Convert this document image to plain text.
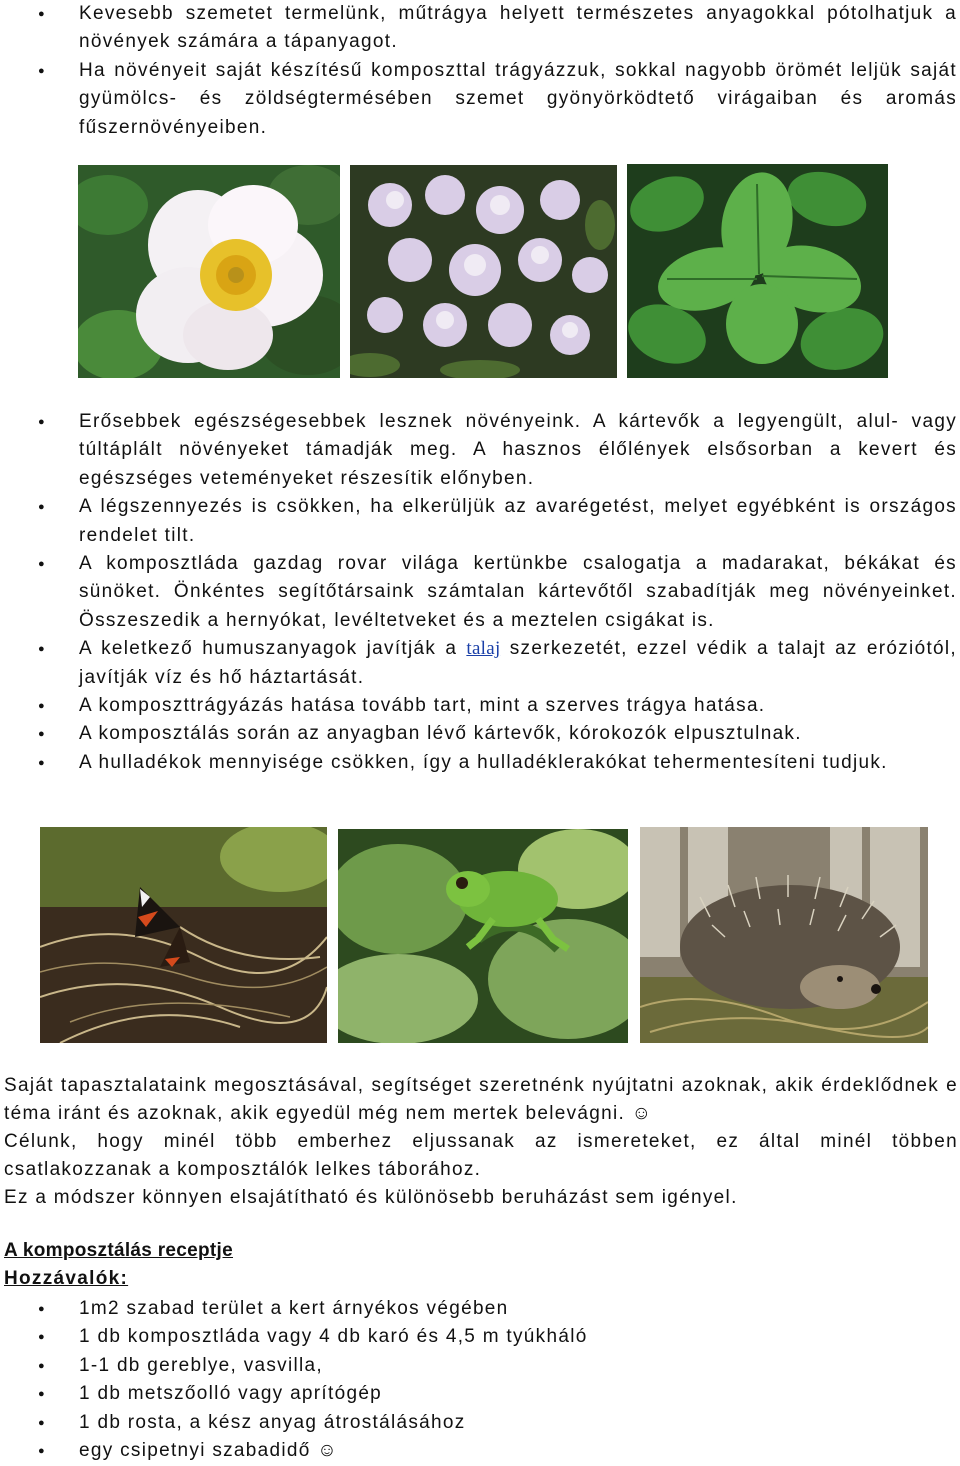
● Kevesebb szemetet termelünk, műtrágya helyett természetes anyagokkal pótolhatjuk a növények számára a tápanyagot.
● Ha növényeit saját készítésű komposzttal trágyázzuk, sokkal nagyobb örömét leljük saját gyümölcs- és zöldségtermésében szemet gyönyörködtető virágaiban és aromás fűszernövényeiben.
● Erősebbek egészségesebbek lesznek növényeink. A kártevők a legyengült, alul- vagy túltáplált növényeket támadják meg. A hasznos élőlények elsősorban a kevert és egészséges veteményeket részesítik előnyben.
● A légszennyezés is csökken, ha elkerüljük az avarégetést, melyet egyébként is országos rendelet tilt.
● A komposztláda gazdag rovar világa kertünkbe csalogatja a madarakat, békákat és sünöket. Önkéntes segítőtársaink számtalan kártevőtől szabadítják meg növényeinket. Összeszedik a hernyókat, levéltetveket és a meztelen csigákat is.
● A keletkező humuszanyagok javítják a talaj szerkezetét, ezzel védik a talajt az eróziótól, javítják víz és hő háztartását.
● A komposzttrágyázás hatása tovább tart, mint a szerves trágya hatása.
● A komposztálás során az anyagban lévő kártevők, kórokozók elpusztulnak.
● A hulladékok mennyisége csökken, így a hulladéklerakókat tehermentesíteni tudjuk.

Saját tapasztalataink megosztásával, segítséget szeretnénk nyújtatni azoknak, akik érdeklődnek e téma iránt és azoknak, akik egyedül még nem mertek belevágni. ☺

Célunk, hogy minél több emberhez eljussanak az ismereteket, ez által minél többen csatlakozzanak a komposztálók lelkes táborához.

Ez a módszer könnyen elsajátítható és különösebb beruházást sem igényel.

A komposztálás receptje
Hozzávalók:
● 1m2 szabad terület a kert árnyékos végében
● 1 db komposztláda vagy 4 db karó és 4,5 m tyúkháló
● 1-1 db gereblye, vasvilla,
● 1 db metszőolló vagy aprítógép
● 1 db rosta, a kész anyag átrostálásához
● egy csipetnyi szabadidő ☺
